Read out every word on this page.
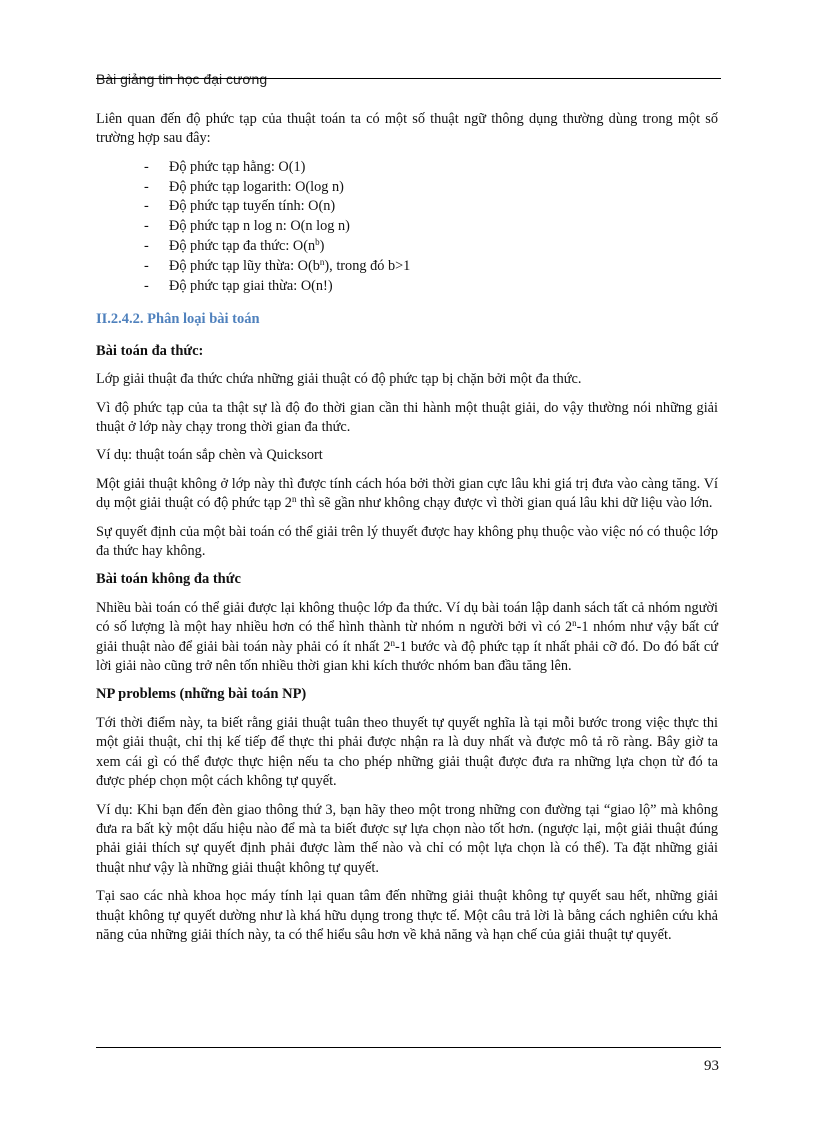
Bài giảng tin học đại cương

Liên quan đến độ phức tạp của thuật toán ta có một số thuật ngữ thông dụng thường dùng trong một số trường hợp sau đây:

- Độ phức tạp hằng: O(1)
- Độ phức tạp logarith: O(log n)
- Độ phức tạp tuyến tính: O(n)
- Độ phức tạp n log n: O(n log n)
- Độ phức tạp đa thức: $O(n^b)$
- Độ phức tạp lũy thừa: $O(b^n)$, trong đó b>1
- Độ phức tạp giai thừa: O(n!)
II.2.4.2. Phân loại bài toán
Bài toán đa thức:

Lớp giải thuật đa thức chứa những giải thuật có độ phức tạp bị chặn bởi một đa thức.

Vì độ phức tạp của ta thật sự là độ đo thời gian cần thi hành một thuật giải, do vậy thường nói những giải thuật ở lớp này chạy trong thời gian đa thức.

Ví dụ: thuật toán sắp chèn và Quicksort

Một giải thuật không ở lớp này thì được tính cách hóa bởi thời gian cực lâu khi giá trị đưa vào càng tăng. Ví dụ một giải thuật có độ phức tạp 2$^n$ thì sẽ gần như không chạy được vì thời gian quá lâu khi dữ liệu vào lớn.

Sự quyết định của một bài toán có thể giải trên lý thuyết được hay không phụ thuộc vào việc nó có thuộc lớp đa thức hay không.

Bài toán không đa thức

Nhiều bài toán có thể giải được lại không thuộc lớp đa thức. Ví dụ bài toán lập danh sách tất cả nhóm người có số lượng là một hay nhiều hơn có thể hình thành từ nhóm n người bởi vì có 2$^n$-1 nhóm như vậy bất cứ giải thuật nào để giải bài toán này phải có ít nhất 2$^n$-1 bước và độ phức tạp ít nhất phải cỡ đó. Do đó bất cứ lời giải nào cũng trở nên tốn nhiều thời gian khi kích thước nhóm ban đầu tăng lên.

NP problems (những bài toán NP)

Tới thời điểm này, ta biết rằng giải thuật tuân theo thuyết tự quyết nghĩa là tại mỗi bước trong việc thực thi một giải thuật, chỉ thị kế tiếp để thực thi phải được nhận ra là duy nhất và được mô tả rõ ràng. Bây giờ ta xem cái gì có thể được thực hiện nếu ta cho phép những giải thuật được đưa ra những lựa chọn từ đó ta được phép chọn một cách không tự quyết.

Ví dụ: Khi bạn đến đèn giao thông thứ 3, bạn hãy theo một trong những con đường tại “giao lộ” mà không đưa ra bất kỳ một dấu hiệu nào để mà ta biết được sự lựa chọn nào tốt hơn. (ngược lại, một giải thuật đúng phải giải thích sự quyết định phải được làm thế nào và chỉ có một lựa chọn là có thể). Ta đặt những giải thuật như vậy là những giải thuật không tự quyết.

Tại sao các nhà khoa học máy tính lại quan tâm đến những giải thuật không tự quyết sau hết, những giải thuật không tự quyết dường như là khá hữu dụng trong thực tế. Một câu trả lời là bằng cách nghiên cứu khả năng của những giải thích này, ta có thể hiểu sâu hơn về khả năng và hạn chế của giải thuật tự quyết.

93
